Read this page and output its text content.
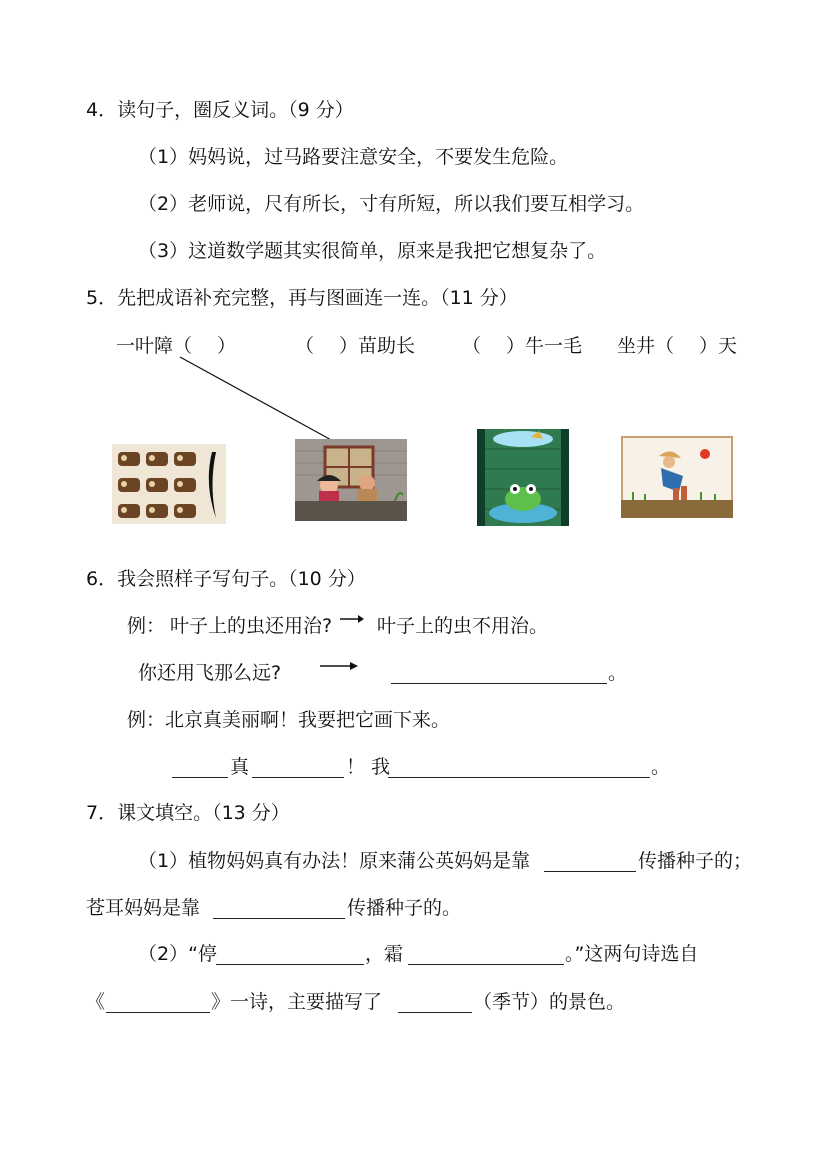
4．读句子，圈反义词。（9 分）
（1）妈妈说，过马路要注意安全，不要发生危险。
（2）老师说，尺有所长，寸有所短，所以我们要互相学习。
（3）这道数学题其实很简单，原来是我把它想复杂了。
5．先把成语补充完整，再与图画连一连。（11 分）
一叶障（　 ）	（　 ）苗助长 （　 ）牛一毛 坐井（　 ）天
6．我会照样子写句子。（10 分）
例： 叶子上的虫还用治? 叶子上的虫不用治。
你还用飞那么远?	。
例：北京真美丽啊！我要把它画下来。
真	！ 我	。
7．课文填空。（13 分）
（1）植物妈妈真有办法！原来蒲公英妈妈是靠	传播种子的；
苍耳妈妈是靠	传播种子的。
（2）“停	，霜	。”这两句诗选自
《	》一诗，主要描写了	（季节）的景色。
